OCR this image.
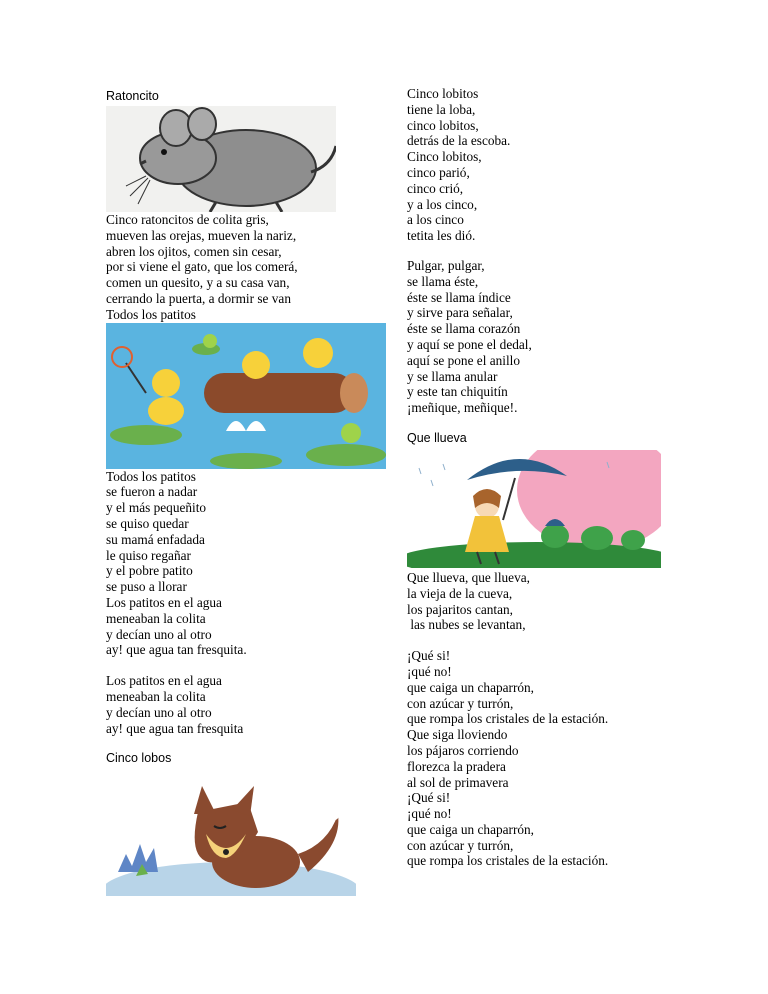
Ratoncito

Cinco ratoncitos de colita gris,

mueven las orejas, mueven la nariz,

abren los ojitos, comen sin cesar,

por si viene el gato, que los comerá,

comen un quesito, y a su casa van,

cerrando la puerta, a dormir se van

Todos los patitos

Todos los patitos

se fueron a nadar

y el más pequeñito

se quiso quedar

su mamá enfadada

le quiso regañar

y el pobre patito

se puso a llorar

Los patitos en el agua

meneaban la colita

y decían uno al otro

ay! que agua tan fresquita.

Los patitos en el agua

meneaban la colita

y decían uno al otro

ay! que agua tan fresquita

Cinco lobos

Cinco lobitos

tiene la loba,

cinco lobitos,

detrás de la escoba.

Cinco lobitos,

cinco parió,

cinco crió,

y a los cinco,

a los cinco

tetita les dió.

Pulgar, pulgar,

se llama éste,

éste se llama índice

y sirve para señalar,

éste se llama corazón

y aquí se pone el dedal,

aquí se pone el anillo

y se llama anular

y este tan chiquitín

¡meñique, meñique!.

Que llueva

Que llueva, que llueva,

la vieja de la cueva,

los pajaritos cantan,

las nubes se levantan,

¡Qué si!

¡qué no!

que caiga un chaparrón,

con azúcar y turrón,

que rompa los cristales de la estación.

Que siga lloviendo

los pájaros corriendo

florezca la pradera

al sol de primavera

¡Qué si!

¡qué no!

que caiga un chaparrón,

con azúcar y turrón,

que rompa los cristales de la estación.
